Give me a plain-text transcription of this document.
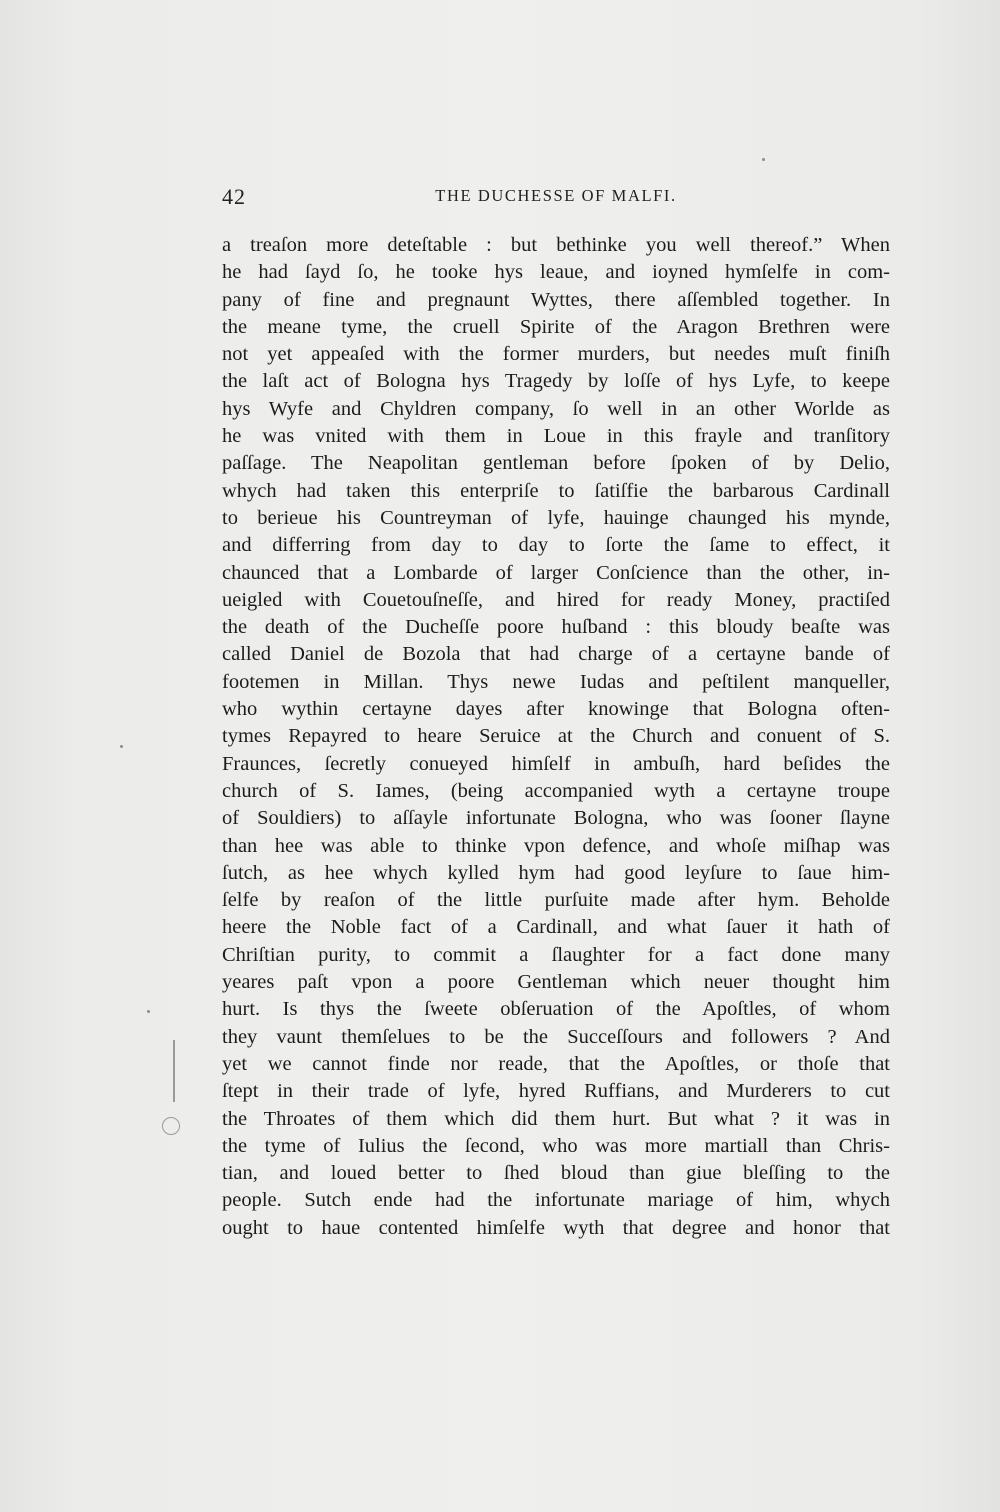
42	THE DUCHESSE OF MALFI.
a treaſon more deteſtable : but bethinke you well thereof.” When
he had ſayd ſo, he tooke hys leaue, and ioyned hymſelfe in com-
pany of fine and pregnaunt Wyttes, there aſſembled together. In
the meane tyme, the cruell Spirite of the Aragon Brethren were
not yet appeaſed with the former murders, but needes muſt finiſh
the laſt act of Bologna hys Tragedy by loſſe of hys Lyfe, to keepe
hys Wyfe and Chyldren company, ſo well in an other Worlde as
he was vnited with them in Loue in this frayle and tranſitory
paſſage. The Neapolitan gentleman before ſpoken of by Delio,
whych had taken this enterpriſe to ſatiſfie the barbarous Cardinall
to berieue his Countreyman of lyfe, hauinge chaunged his mynde,
and differring from day to day to ſorte the ſame to effect, it
chaunced that a Lombarde of larger Conſcience than the other, in-
ueigled with Couetouſneſſe, and hired for ready Money, practiſed
the death of the Ducheſſe poore huſband : this bloudy beaſte was
called Daniel de Bozola that had charge of a certayne bande of
footemen in Millan. Thys newe Iudas and peſtilent manqueller,
who wythin certayne dayes after knowinge that Bologna often-
tymes Repayred to heare Seruice at the Church and conuent of S.
Fraunces, ſecretly conueyed himſelf in ambuſh, hard beſides the
church of S. Iames, (being accompanied wyth a certayne troupe
of Souldiers) to aſſayle infortunate Bologna, who was ſooner ſlayne
than hee was able to thinke vpon defence, and whoſe miſhap was
ſutch, as hee whych kylled hym had good leyſure to ſaue him-
ſelfe by reaſon of the little purſuite made after hym. Beholde
heere the Noble fact of a Cardinall, and what ſauer it hath of
Chriſtian purity, to commit a ſlaughter for a fact done many
yeares paſt vpon a poore Gentleman which neuer thought him
hurt. Is thys the ſweete obſeruation of the Apoſtles, of whom
they vaunt themſelues to be the Succeſſours and followers ? And
yet we cannot finde nor reade, that the Apoſtles, or thoſe that
ſtept in their trade of lyfe, hyred Ruffians, and Murderers to cut
the Throates of them which did them hurt. But what ? it was in
the tyme of Iulius the ſecond, who was more martiall than Chris-
tian, and loued better to ſhed bloud than giue bleſſing to the
people. Sutch ende had the infortunate mariage of him, whych
ought to haue contented himſelfe wyth that degree and honor that
